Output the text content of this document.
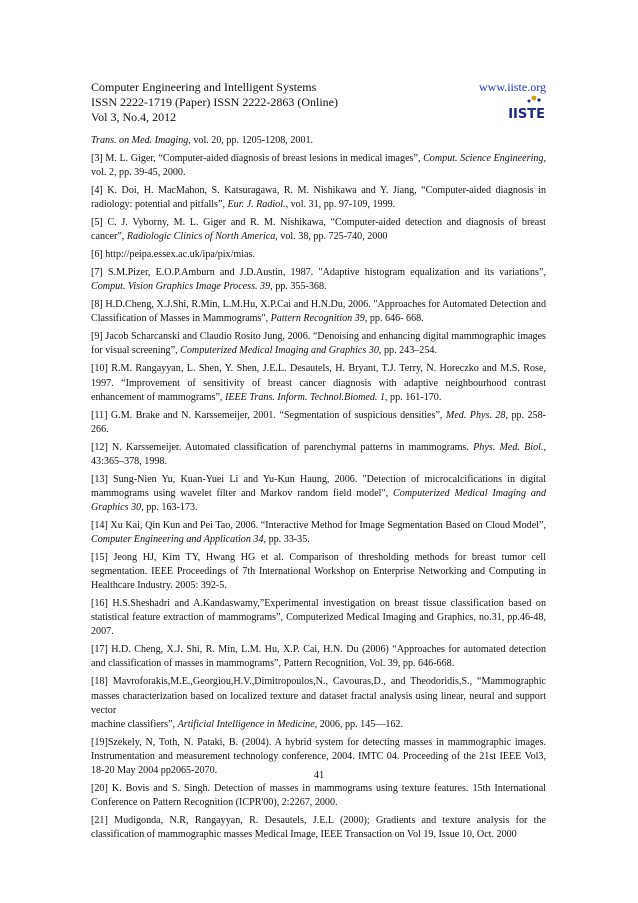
Computer Engineering and Intelligent Systems	www.iiste.org
ISSN 2222-1719 (Paper) ISSN 2222-2863 (Online)
Vol 3, No.4, 2012	IISTE
Trans. on Med. Imaging, vol. 20, pp. 1205-1208, 2001.
[3] M. L. Giger, “Computer-aided diagnosis of breast lesions in medical images”, Comput. Science Engineering, vol. 2, pp. 39-45, 2000.
[4] K. Doi, H. MacMahon, S. Katsuragawa, R. M. Nishikawa and Y. Jiang, “Computer-aided diagnosis in radiology: potential and pitfalls”, Eur. J. Radiol., vol. 31, pp. 97-109, 1999.
[5] C. J. Vyborny, M. L. Giger and R. M. Nishikawa, “Computer-aided detection and diagnosis of breast cancer”, Radiologic Clinics of North America, vol. 38, pp. 725-740, 2000
[6] http://peipa.essex.ac.uk/ipa/pix/mias.
[7] S.M.Pizer, E.O.P.Amburn and J.D.Austin, 1987. "Adaptive histogram equalization and its variations”, Comput. Vision Graphics Image Process. 39, pp. 355-368.
[8] H.D.Cheng, X.J.Shi, R.Min, L.M.Hu, X.P.Cai and H.N.Du, 2006. "Approaches for Automated Detection and Classification of Masses in Mammograms", Pattern Recognition 39, pp. 646- 668.
[9] Jacob Scharcanski and Claudio Rosito Jung, 2006. “Denoising and enhancing digital mammographic images for visual screening”, Computerized Medical Imaging and Graphics 30, pp. 243–254.
[10] R.M. Rangayyan, L. Shen, Y. Shen, J.E.L. Desautels, H. Bryant, T.J. Terry, N. Horeczko and M.S. Rose, 1997. “Improvement of sensitivity of breast cancer diagnosis with adaptive neighbourhood contrast enhancement of mammograms”, IEEE Trans. Inform. Technol.Biomed. 1, pp. 161-170.
[11] G.M. Brake and N. Karssemeijer, 2001. “Segmentation of suspicious densities”, Med. Phys. 28, pp. 258-266.
[12] N. Karssemeijer. Automated classification of parenchymal patterns in mammograms. Phys. Med. Biol., 43:365–378, 1998.
[13] Sung-Nien Yu, Kuan-Yuei Li and Yu-Kun Haung, 2006. "Detection of microcalcifications in digital mammograms using wavelet filter and Markov random field model", Computerized Medical Imaging and Graphics 30, pp. 163-173.
[14] Xu Kai, Qin Kun and Pei Tao, 2006. “Interactive Method for Image Segmentation Based on Cloud Model”, Computer Engineering and Application 34, pp. 33-35.
[15] Jeong HJ, Kim TY, Hwang HG et al. Comparison of thresholding methods for breast tumor cell segmentation. IEEE Proceedings of 7th International Workshop on Enterprise Networking and Computing in Healthcare Industry. 2005: 392-5.
[16] H.S.Sheshadri and A.Kandaswamy,”Experimental investigation on breast tissue classification based on statistical feature extraction of mammograms”, Computerized Medical Imaging and Graphics, no.31, pp.46-48, 2007.
[17] H.D. Cheng, X.J. Shi, R. Min, L.M. Hu, X.P. Cai, H.N. Du (2006) “Approaches for automated detection and classification of masses in mammograms”, Pattern Recognition, Vol. 39, pp. 646-668.
[18] Mavroforakis,M.E.,Georgiou,H.V.,Dimitropoulos,N., Cavouras,D., and Theodoridis,S., “Mammographic masses characterization based on localized texture and dataset fractal analysis using linear, neural and support vector
machine classifiers”, Artificial Intelligence in Medicine, 2006, pp. 145—162.
[19]Szekely, N, Toth, N. Pataki, B. (2004). A hybrid system for detecting masses in mammographic images. Instrumentation and measurement technology conference, 2004. IMTC 04. Proceeding of the 21st IEEE Vol3, 18-20 May 2004 pp2065-2070.
[20] K. Bovis and S. Singh. Detection of masses in mammograms using texture features. 15th International Conference on Pattern Recognition (ICPR'00), 2:2267, 2000.
[21] Mudigonda, N.R, Rangayyan, R. Desautels, J.E.L (2000); Gradients and texture analysis for the classification of mammographic masses Medical Image, IEEE Transaction on Vol 19, Issue 10, Oct. 2000
41
